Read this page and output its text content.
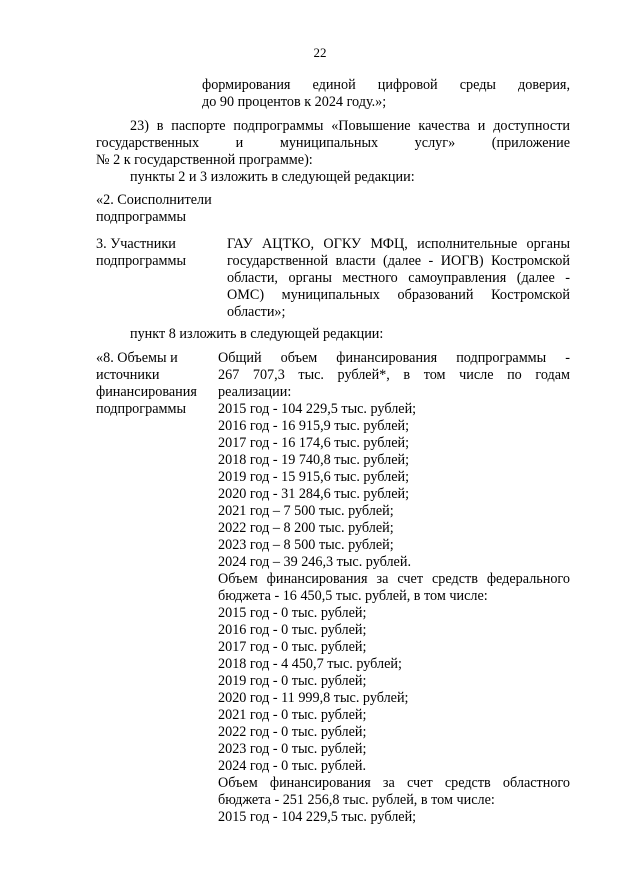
22
формирования единой цифровой среды доверия,
до 90 процентов к 2024 году.»;
23) в паспорте подпрограммы «Повышение качества и доступности
государственных и муниципальных услуг» (приложение
№ 2 к государственной программе):
пункты 2 и 3 изложить в следующей редакции:
«2. Соисполнители
подпрограммы
3. Участники
подпрограммы
ГАУ АЦТКО, ОГКУ МФЦ, исполнительные органы
государственной власти (далее - ИОГВ) Костромской
области, органы местного самоуправления (далее -
ОМС) муниципальных образований Костромской
области»;
пункт 8 изложить в следующей редакции:
«8. Объемы и
источники
финансирования
подпрограммы
Общий объем финансирования подпрограммы -
267 707,3 тыс. рублей*, в том числе по годам
реализации:
2015 год - 104 229,5 тыс. рублей;
2016 год - 16 915,9 тыс. рублей;
2017 год - 16 174,6 тыс. рублей;
2018 год - 19 740,8 тыс. рублей;
2019 год - 15 915,6 тыс. рублей;
2020 год - 31 284,6 тыс. рублей;
2021 год – 7 500 тыс. рублей;
2022 год – 8 200 тыс. рублей;
2023 год – 8 500 тыс. рублей;
2024 год – 39 246,3 тыс. рублей.
Объем финансирования за счет средств федерального
бюджета - 16 450,5 тыс. рублей, в том числе:
2015 год - 0 тыс. рублей;
2016 год - 0 тыс. рублей;
2017 год - 0 тыс. рублей;
2018 год - 4 450,7 тыс. рублей;
2019 год - 0 тыс. рублей;
2020 год - 11 999,8 тыс. рублей;
2021 год - 0 тыс. рублей;
2022 год - 0 тыс. рублей;
2023 год - 0 тыс. рублей;
2024 год - 0 тыс. рублей.
Объем финансирования за счет средств областного
бюджета - 251 256,8 тыс. рублей, в том числе:
2015 год - 104 229,5 тыс. рублей;
